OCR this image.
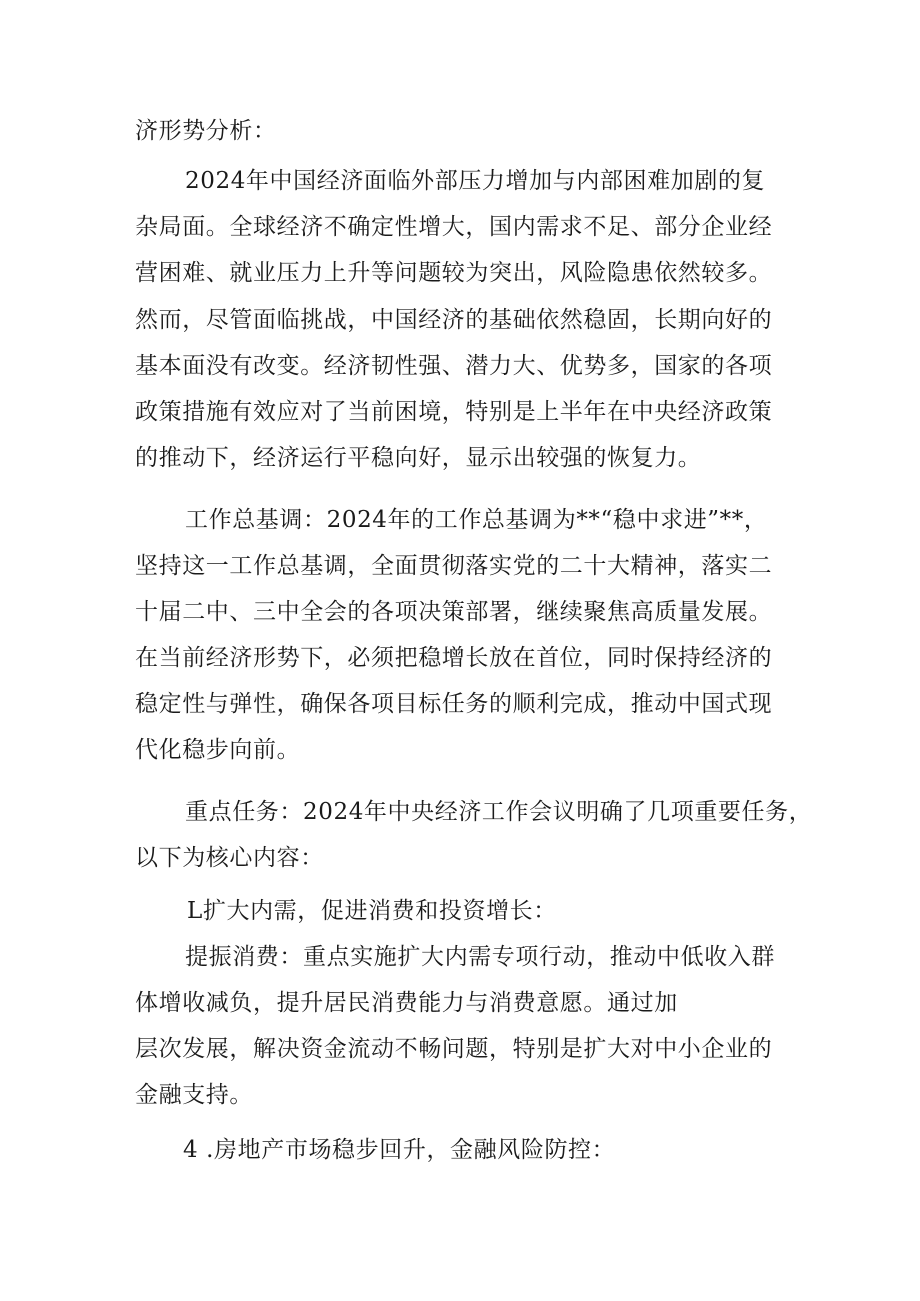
济形势分析：
2024年中国经济面临外部压力增加与内部困难加剧的复
杂局面。全球经济不确定性增大，国内需求不足、部分企业经
营困难、就业压力上升等问题较为突出，风险隐患依然较多。
然而，尽管面临挑战，中国经济的基础依然稳固，长期向好的
基本面没有改变。经济韧性强、潜力大、优势多，国家的各项
政策措施有效应对了当前困境，特别是上半年在中央经济政策
的推动下，经济运行平稳向好，显示出较强的恢复力。
工作总基调：2024年的工作总基调为**“稳中求进”**，
坚持这一工作总基调，全面贯彻落实党的二十大精神，落实二
十届二中、三中全会的各项决策部署，继续聚焦高质量发展。
在当前经济形势下，必须把稳增长放在首位，同时保持经济的
稳定性与弹性，确保各项目标任务的顺利完成，推动中国式现
代化稳步向前。
重点任务：2024年中央经济工作会议明确了几项重要任务，
以下为核心内容：
L扩大内需，促进消费和投资增长：
提振消费：重点实施扩大内需专项行动，推动中低收入群
体增收减负，提升居民消费能力与消费意愿。通过加
层次发展，解决资金流动不畅问题，特别是扩大对中小企业的
金融支持。
4 .房地产市场稳步回升，金融风险防控：
